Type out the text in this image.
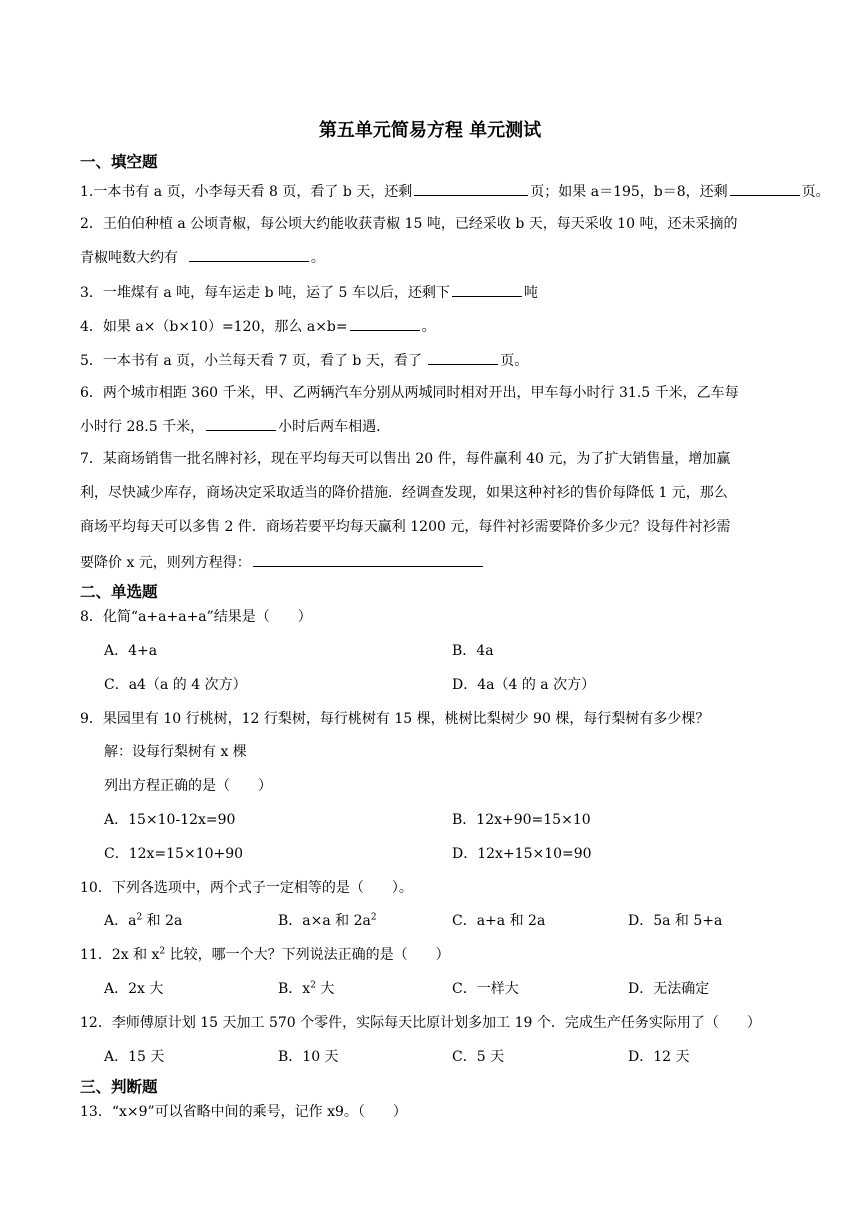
第五单元简易方程 单元测试
一、填空题
1.一本书有 a 页，小李每天看 8 页，看了 b 天，还剩	页；如果 a＝195，b＝8，还剩	页。
2．王伯伯种植 a 公顷青椒，每公顷大约能收获青椒 15 吨，已经采收 b 天，每天采收 10 吨，还未采摘的
青椒吨数大约有	。
3．一堆煤有 a 吨，每车运走 b 吨，运了 5 车以后，还剩下	吨
4．如果 a×（b×10）=120，那么 a×b=	。
5．一本书有 a 页，小兰每天看 7 页，看了 b 天，看了	页。
6．两个城市相距 360 千米，甲、乙两辆汽车分别从两城同时相对开出，甲车每小时行 31.5 千米，乙车每
小时行 28.5 千米，	小时后两车相遇．
7．某商场销售一批名牌衬衫，现在平均每天可以售出 20 件，每件赢利 40 元，为了扩大销售量，增加赢
利，尽快减少库存，商场决定采取适当的降价措施．经调查发现，如果这种衬衫的售价每降低 1 元，那么
商场平均每天可以多售 2 件．商场若要平均每天赢利 1200 元，每件衬衫需要降价多少元？设每件衬衫需
要降价 x 元，则列方程得：
二、单选题
8．化简“a+a+a+a”结果是（　　）
A．4+a	B．4a
C．a4（a 的 4 次方）	D．4a（4 的 a 次方）
9．果园里有 10 行桃树，12 行梨树，每行桃树有 15 棵，桃树比梨树少 90 棵，每行梨树有多少棵？
解：设每行梨树有 x 棵
列出方程正确的是（　　）
A．15×10-12x=90	B．12x+90=15×10
C．12x=15×10+90	D．12x+15×10=90
10．下列各选项中，两个式子一定相等的是（　　）。
A．$a^2$ 和 2a	B．a×a 和 $2a^2$	C．a+a 和 2a	D．5a 和 5+a
11．2x 和 $x^2$ 比较，哪一个大？下列说法正确的是（　　）
A．2x 大	B．$x^2$ 大	C．一样大	D．无法确定
12．李师傅原计划 15 天加工 570 个零件，实际每天比原计划多加工 19 个．完成生产任务实际用了（　　）
A．15 天	B．10 天	C．5 天	D．12 天
三、判断题
13．“x×9”可以省略中间的乘号，记作 x9。（　　）
